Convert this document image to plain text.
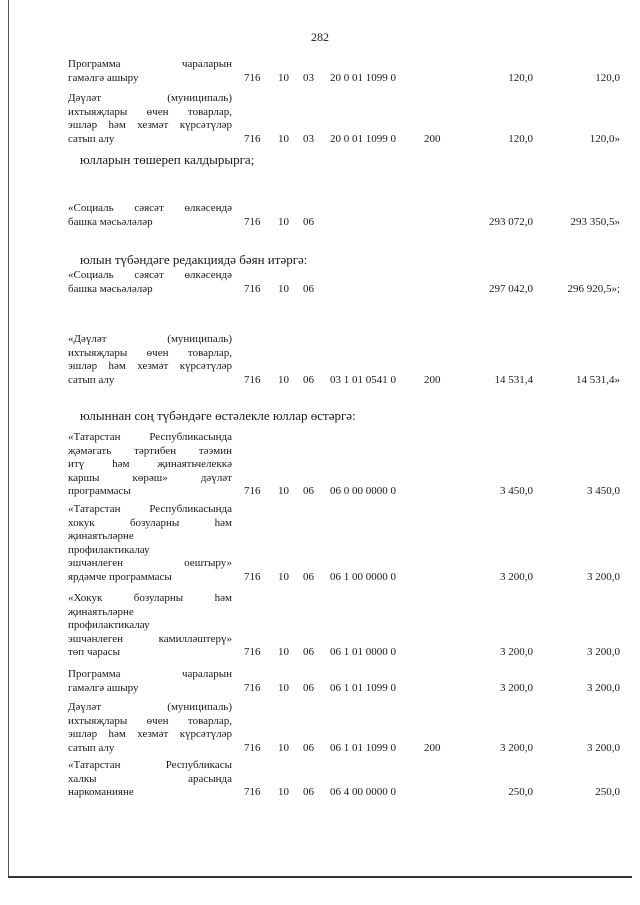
282
Программа чараларын
гамәлгә ашыру	716 10 03 20 0 01 1099 0	120,0	120,0
Дәүләт (муниципаль)
ихтыяҗлары өчен товарлар,
эшләр һәм хезмәт күрсәтүләр
сатып алу	716 10 03 20 0 01 1099 0	200	120,0	120,0»
«Социаль сәясәт өлкәсендә
башка мәсьәләләр	716 10 06	293 072,0	293 350,5»
«Социаль сәясәт өлкәсендә
башка мәсьәләләр	716 10 06	297 042,0	296 920,5»;
«Дәүләт (муниципаль)
ихтыяҗлары өчен товарлар,
эшләр һәм хезмәт күрсәтүләр
сатып алу	716 10 06 03 1 01 0541 0	200	14 531,4	14 531,4»
«Татарстан Республикасында
җәмәгать тәртибен тәэмин
итү һәм җинаятьчелеккә
каршы көрәш» дәүләт
программасы	716 10 06 06 0 00 0000 0	3 450,0	3 450,0
«Татарстан Республикасында
хокук бозуларны һәм
җинаятьләрне
профилактикалау
эшчәнлеген оештыру»
ярдәмче программасы	716 10 06 06 1 00 0000 0	3 200,0	3 200,0
«Хокук бозуларны һәм
җинаятьләрне
профилактикалау
эшчәнлеген камилләштерү»
төп чарасы	716 10 06 06 1 01 0000 0	3 200,0	3 200,0
Программа чараларын
гамәлгә ашыру	716 10 06 06 1 01 1099 0	3 200,0	3 200,0
Дәүләт (муниципаль)
ихтыяҗлары өчен товарлар,
эшләр һәм хезмәт күрсәтүләр
сатып алу	716 10 06 06 1 01 1099 0	200	3 200,0	3 200,0
«Татарстан Республикасы
халкы арасында
наркоманияне	716 10 06 06 4 00 0000 0	250,0	250,0
юлларын төшереп калдырырга;
юлын түбәндәге редакциядә бәян итәргә:
юлыннан соң түбәндәге өстәлекле юллар өстәргә:
